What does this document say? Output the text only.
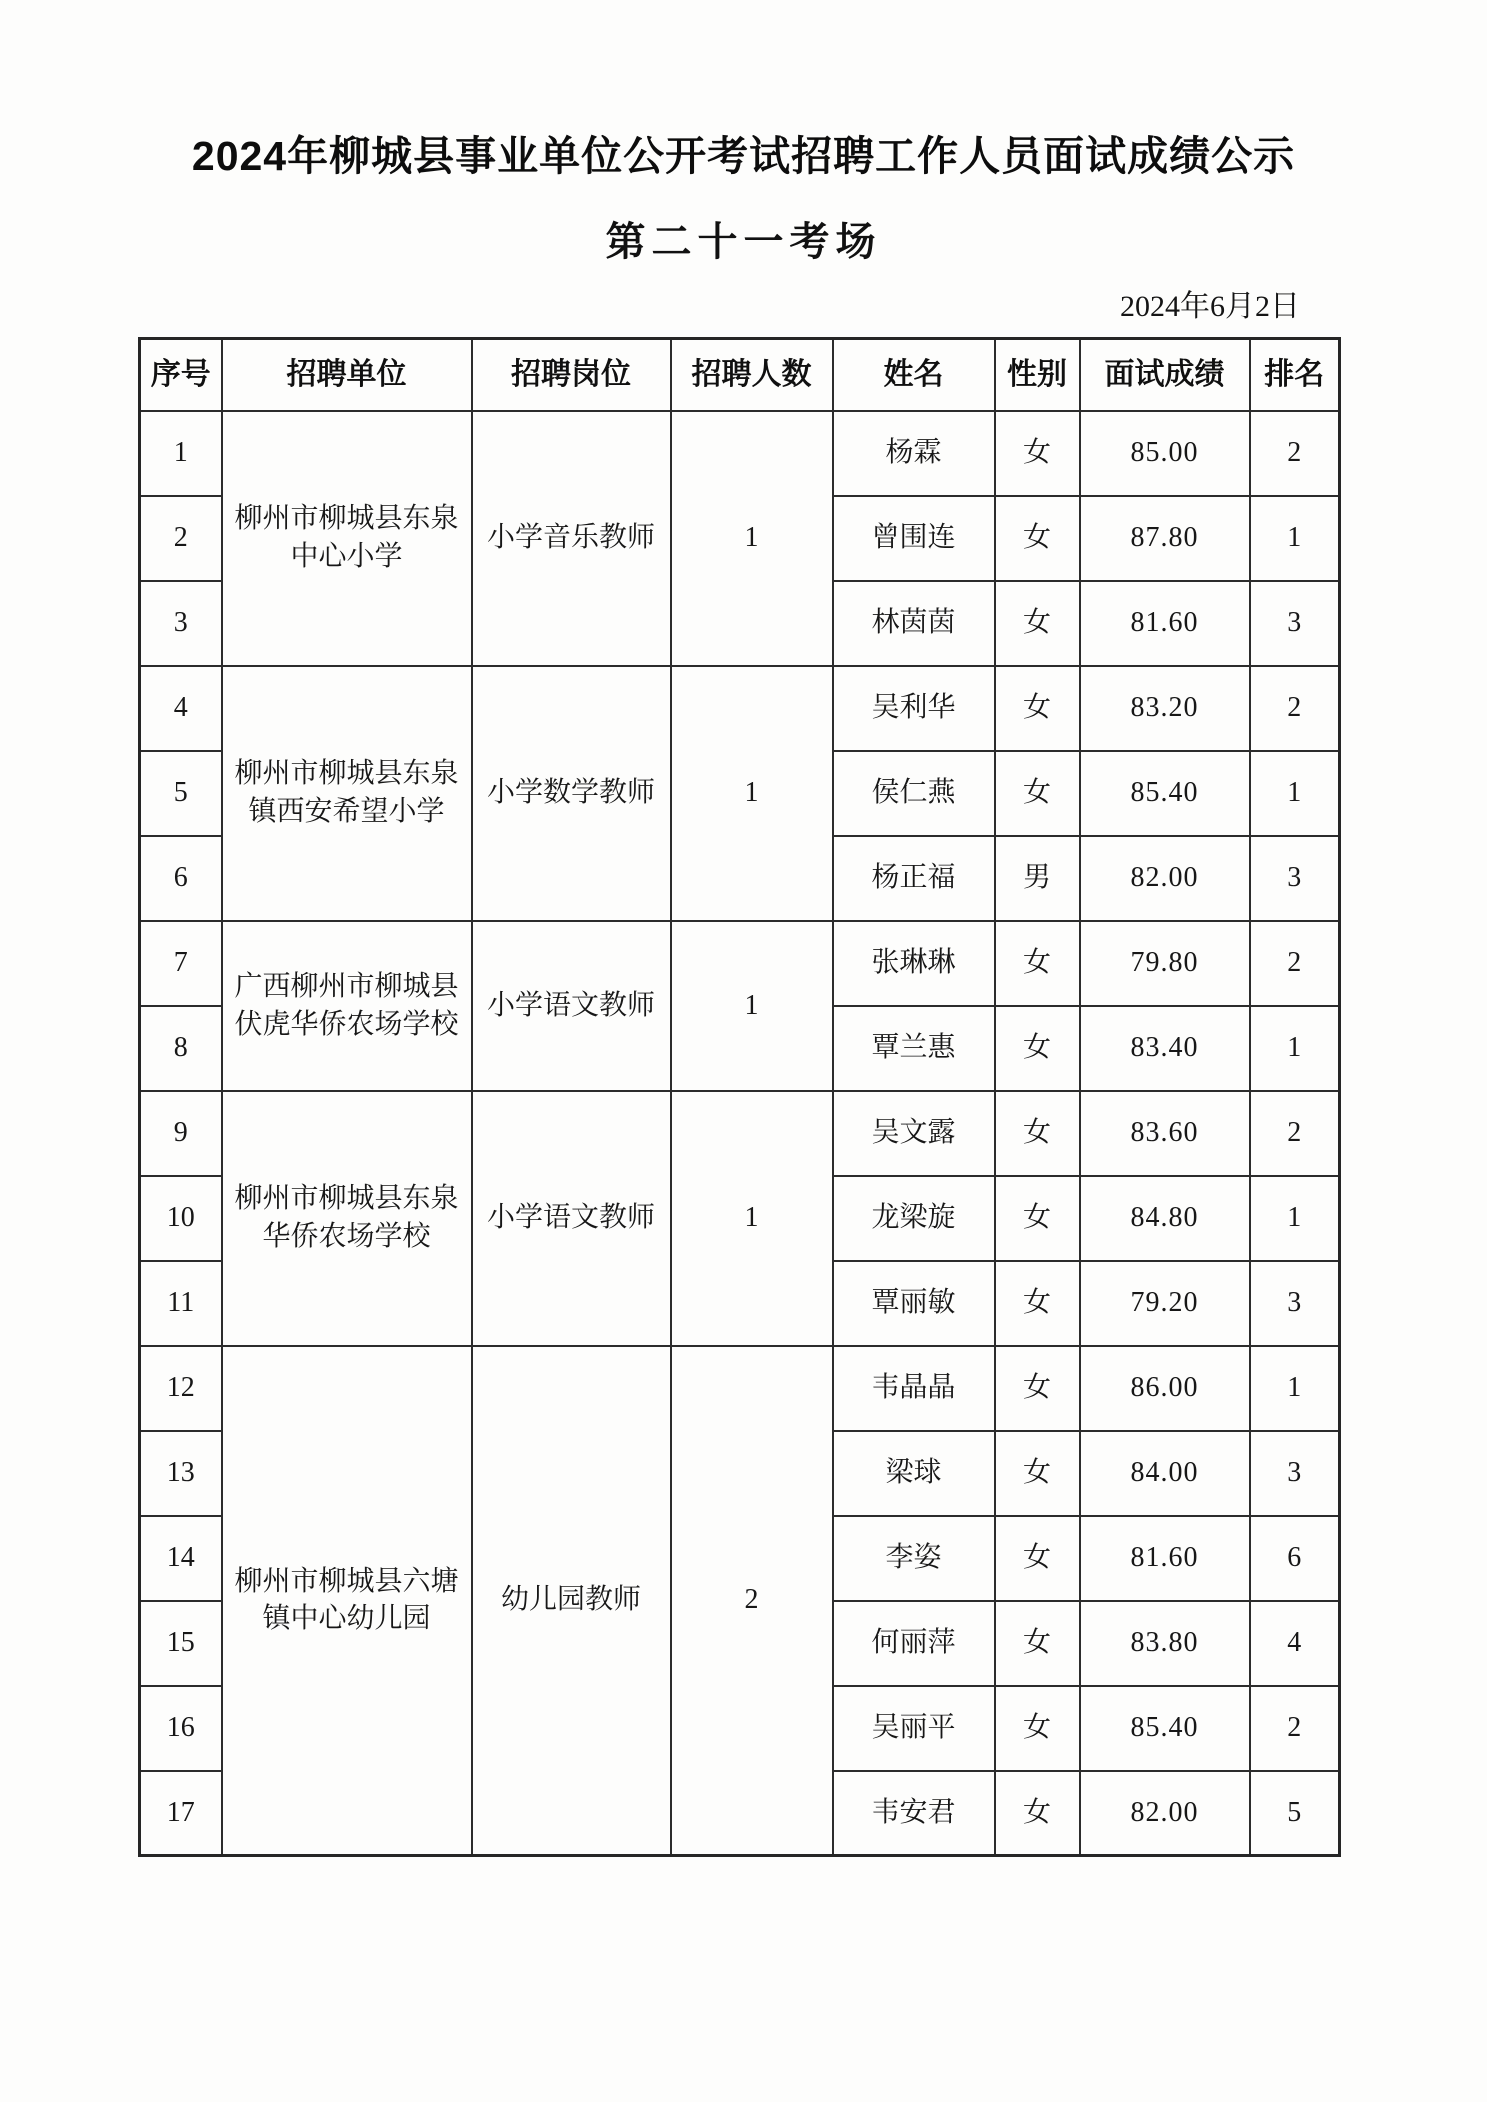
2024年柳城县事业单位公开考试招聘工作人员面试成绩公示
第二十一考场
2024年6月2日
序号	招聘单位	招聘岗位	招聘人数	姓名	性别	面试成绩	排名
1	柳州市柳城县东泉中心小学	小学音乐教师	1	杨霖	女	85.00	2
2				曾围连	女	87.80	1
3				林茵茵	女	81.60	3
4	柳州市柳城县东泉镇西安希望小学	小学数学教师	1	吴利华	女	83.20	2
5				侯仁燕	女	85.40	1
6				杨正福	男	82.00	3
7	广西柳州市柳城县伏虎华侨农场学校	小学语文教师	1	张琳琳	女	79.80	2
8				覃兰惠	女	83.40	1
9	柳州市柳城县东泉华侨农场学校	小学语文教师	1	吴文露	女	83.60	2
10				龙梁旋	女	84.80	1
11				覃丽敏	女	79.20	3
12	柳州市柳城县六塘镇中心幼儿园	幼儿园教师	2	韦晶晶	女	86.00	1
13				梁球	女	84.00	3
14				李姿	女	81.60	6
15				何丽萍	女	83.80	4
16				吴丽平	女	85.40	2
17				韦安君	女	82.00	5
